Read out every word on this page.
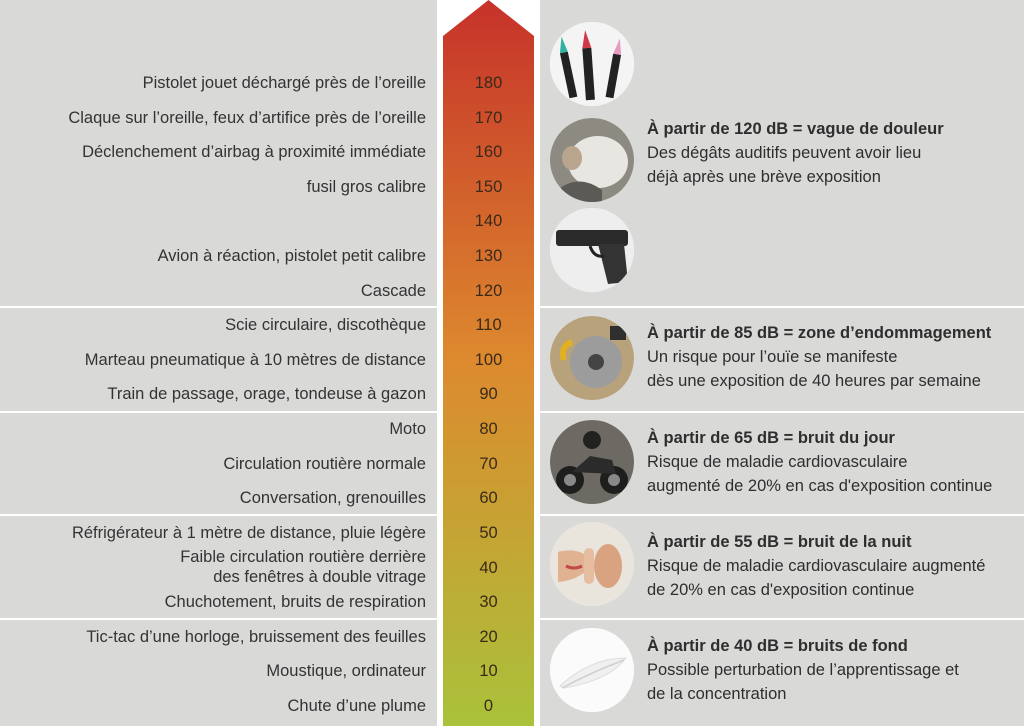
180
170
160
150
140
130
120
110
100
90
80
70
60
50
40
30
20
10
0
Pistolet jouet déchargé près de l’oreille
Claque sur l’oreille, feux d’artifice près de l’oreille
Déclenchement d’airbag à proximité immédiate
fusil gros calibre
Avion à réaction, pistolet petit calibre
Cascade
Scie circulaire, discothèque
Marteau pneumatique à 10 mètres de distance
Train de passage, orage, tondeuse à gazon
Moto
Circulation routière normale
Conversation, grenouilles
Réfrigérateur à 1 mètre de distance, pluie légère
Faible circulation routière derrière
des fenêtres à double vitrage
Chuchotement, bruits de respiration
Tic-tac d’une horloge, bruissement des feuilles
Moustique, ordinateur
Chute d’une plume
À partir de 120 dB = vague de douleur
Des dégâts auditifs peuvent avoir lieu
déjà après une brève exposition
À partir de 85 dB = zone d’endommagement
Un risque pour l’ouïe se manifeste
dès une exposition de 40 heures par semaine
À partir de 65 dB = bruit du jour
Risque de maladie cardiovasculaire
augmenté de 20% en cas d'exposition continue
À partir de 55 dB = bruit de la nuit
Risque de maladie cardiovasculaire augmenté
de 20% en cas d'exposition continue
À partir de 40 dB = bruits de fond
Possible perturbation de l’apprentissage et
de la concentration
